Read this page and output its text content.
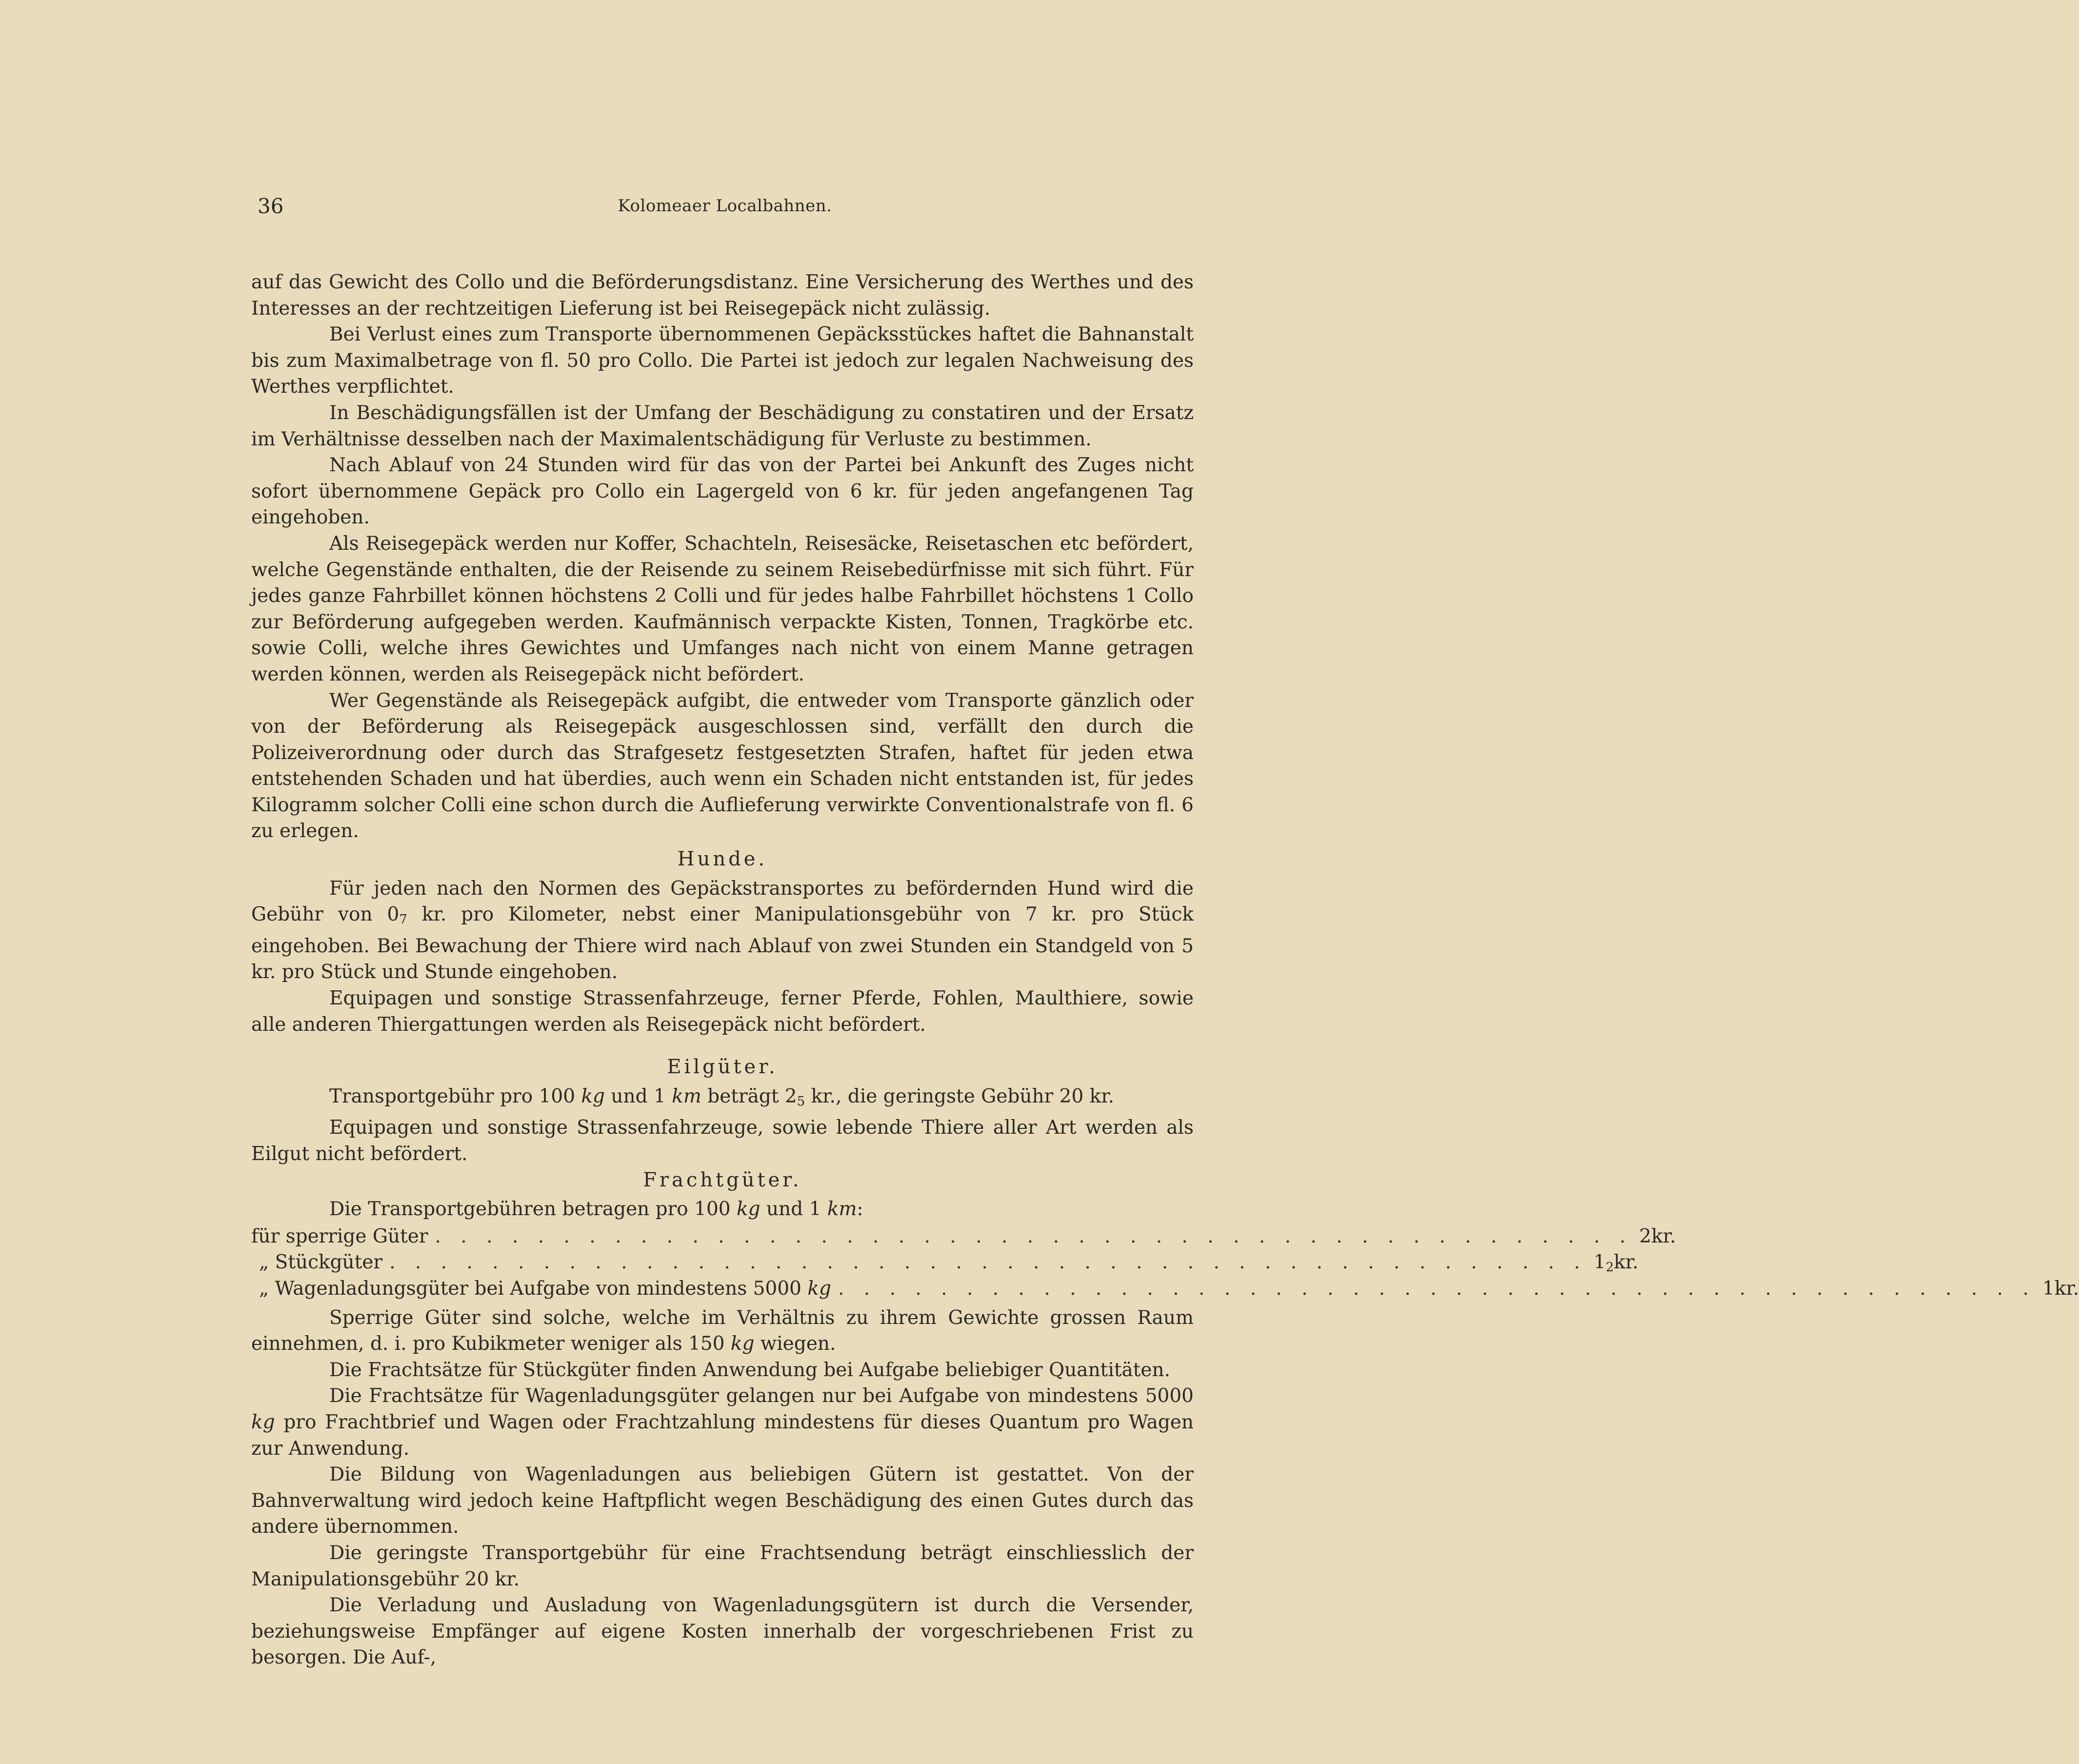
36	Kolomeaer Localbahnen.

auf das Gewicht des Collo und die Beförderungsdistanz. Eine Versicherung des Werthes und des Interesses an der rechtzeitigen Lieferung ist bei Reisegepäck nicht zulässig.

Bei Verlust eines zum Transporte übernommenen Gepäcksstückes haftet die Bahnanstalt bis zum Maximalbetrage von fl. 50 pro Collo. Die Partei ist jedoch zur legalen Nachweisung des Werthes verpflichtet.

In Beschädigungsfällen ist der Umfang der Beschädigung zu constatiren und der Ersatz im Verhältnisse desselben nach der Maximalentschädigung für Verluste zu bestimmen.

Nach Ablauf von 24 Stunden wird für das von der Partei bei Ankunft des Zuges nicht sofort übernommene Gepäck pro Collo ein Lagergeld von 6 kr. für jeden angefangenen Tag eingehoben.

Als Reisegepäck werden nur Koffer, Schachteln, Reisesäcke, Reisetaschen etc befördert, welche Gegenstände enthalten, die der Reisende zu seinem Reisebedürfnisse mit sich führt. Für jedes ganze Fahrbillet können höchstens 2 Colli und für jedes halbe Fahrbillet höchstens 1 Collo zur Beförderung aufgegeben werden. Kaufmännisch verpackte Kisten, Tonnen, Tragkörbe etc. sowie Colli, welche ihres Gewichtes und Umfanges nach nicht von einem Manne getragen werden können, werden als Reisegepäck nicht befördert.

Wer Gegenstände als Reisegepäck aufgibt, die entweder vom Transporte gänzlich oder von der Beförderung als Reisegepäck ausgeschlossen sind, verfällt den durch die Polizeiverordnung oder durch das Strafgesetz festgesetzten Strafen, haftet für jeden etwa entstehenden Schaden und hat überdies, auch wenn ein Schaden nicht entstanden ist, für jedes Kilogramm solcher Colli eine schon durch die Auflieferung verwirkte Conventionalstrafe von fl. 6 zu erlegen.

Hunde.

Für jeden nach den Normen des Gepäckstransportes zu befördernden Hund wird die Gebühr von 07 kr. pro Kilometer, nebst einer Manipulationsgebühr von 7 kr. pro Stück eingehoben. Bei Bewachung der Thiere wird nach Ablauf von zwei Stunden ein Standgeld von 5 kr. pro Stück und Stunde eingehoben.

Equipagen und sonstige Strassenfahrzeuge, ferner Pferde, Fohlen, Maulthiere, sowie alle anderen Thiergattungen werden als Reisegepäck nicht befördert.

Eilgüter.

Transportgebühr pro 100 kg und 1 km beträgt 25 kr., die geringste Gebühr 20 kr.

Equipagen und sonstige Strassenfahrzeuge, sowie lebende Thiere aller Art werden als Eilgut nicht befördert.

Frachtgüter.

Die Transportgebühren betragen pro 100 kg und 1 km:

für sperrige Güter . . . . . . . . . . . . . . . . . . . . . . . . . . . . . . . . . . . . . . . . . . . . . . . 2 kr.
„ Stückgüter . . . . . . . . . . . . . . . . . . . . . . . . . . . . . . . . . . . . . . . . . . . . . . . 12 kr.
„ Wagenladungsgüter bei Aufgabe von mindestens 5000 kg . . . . . . . . . . . . . . . . . . . . . . . . . . . . . . . . . . . . . . . . . . . . . . . 1 kr.

Sperrige Güter sind solche, welche im Verhältnis zu ihrem Gewichte grossen Raum einnehmen, d. i. pro Kubikmeter weniger als 150 kg wiegen.

Die Frachtsätze für Stückgüter finden Anwendung bei Aufgabe beliebiger Quantitäten.

Die Frachtsätze für Wagenladungsgüter gelangen nur bei Aufgabe von mindestens 5000 kg pro Frachtbrief und Wagen oder Frachtzahlung mindestens für dieses Quantum pro Wagen zur Anwendung.

Die Bildung von Wagenladungen aus beliebigen Gütern ist gestattet. Von der Bahnverwaltung wird jedoch keine Haftpflicht wegen Beschädigung des einen Gutes durch das andere übernommen.

Die geringste Transportgebühr für eine Frachtsendung beträgt einschliesslich der Manipulationsgebühr 20 kr.

Die Verladung und Ausladung von Wagenladungsgütern ist durch die Versender, beziehungsweise Empfänger auf eigene Kosten innerhalb der vorgeschriebenen Frist zu besorgen. Die Auf-,
